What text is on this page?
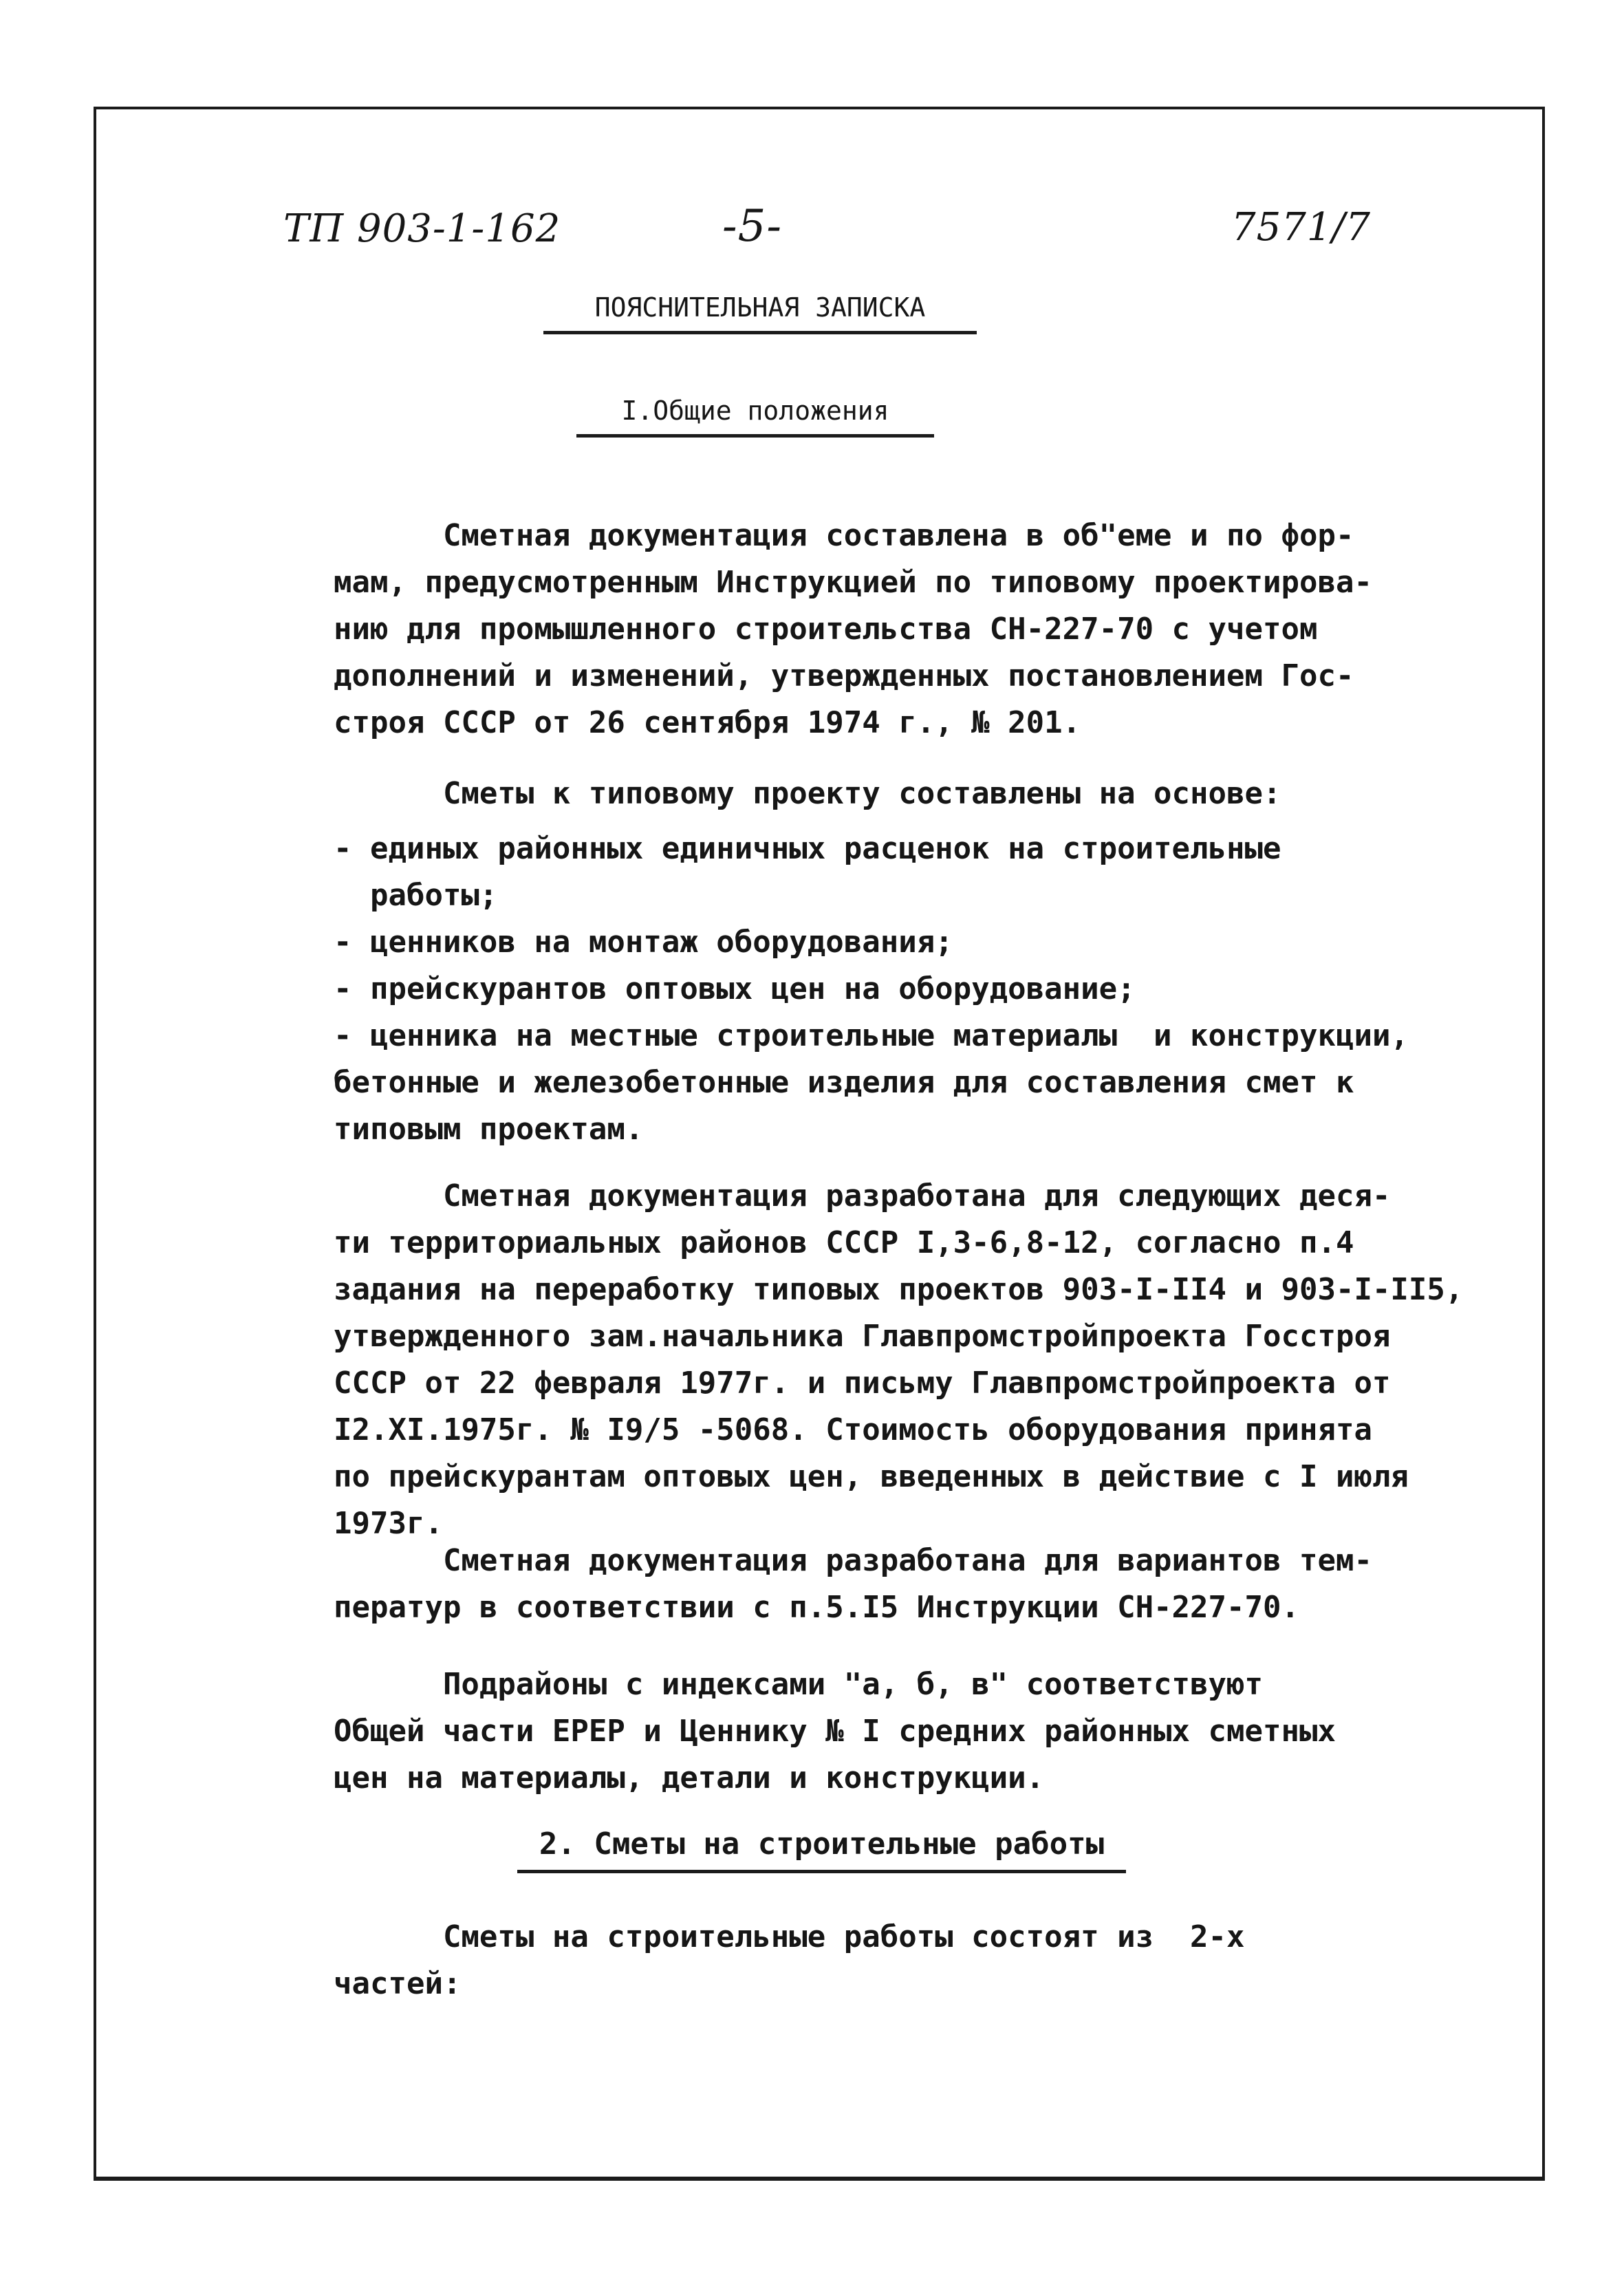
ТП 903-1-162	-5-	7571/7
ПОЯСНИТЕЛЬНАЯ ЗАПИСКА
I.Общие положения

Сметная документация составлена в об"еме и по фор-
мам, предусмотренным Инструкцией по типовому проектирова-
нию для промышленного строительства СН-227-70 с учетом
дополнений и изменений, утвержденных постановлением Гос-
строя СССР от 26 сентября 1974 г., № 201.

Сметы к типовому проекту составлены на основе:

- единых районных единичных расценок на строительные
работы;
- ценников на монтаж оборудования;
- прейскурантов оптовых цен на оборудование;
- ценника на местные строительные материалы  и конструкции,
бетонные и железобетонные изделия для составления смет к
типовым проектам.

Сметная документация разработана для следующих деся-
ти территориальных районов СССР I,3-6,8-12, согласно п.4
задания на переработку типовых проектов 903-I-II4 и 903-I-II5,
утвержденного зам.начальника Главпромстройпроекта Госстроя
СССР от 22 февраля 1977г. и письму Главпромстройпроекта от
I2.XI.1975г. № I9/5 -5068. Стоимость оборудования принята
по прейскурантам оптовых цен, введенных в действие с I июля
1973г.

Сметная документация разработана для вариантов тем-
ператур в соответствии с п.5.I5 Инструкции СН-227-70.

Подрайоны с индексами "а, б, в" соответствуют
Общей части ЕРЕР и Ценнику № I средних районных сметных
цен на материалы, детали и конструкции.

2. Сметы на строительные работы

Сметы на строительные работы состоят из  2-х
частей:
